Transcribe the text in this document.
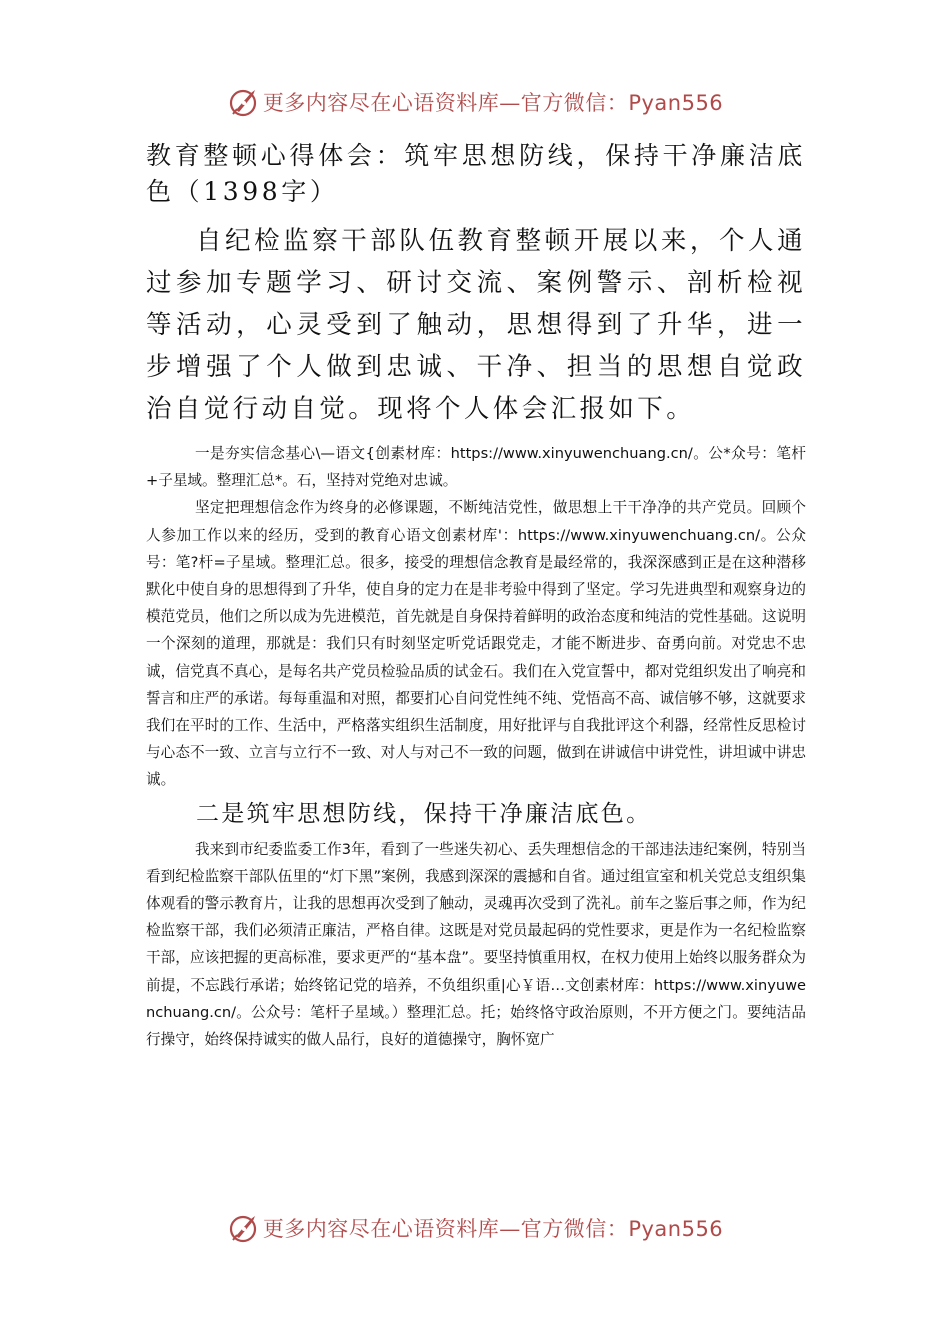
更多内容尽在心语资料库—官方微信：Pyan556

教育整顿心得体会：筑牢思想防线，保持干净廉洁底色（1398字）

自纪检监察干部队伍教育整顿开展以来，个人通过参加专题学习、研讨交流、案例警示、剖析检视等活动，心灵受到了触动，思想得到了升华，进一步增强了个人做到忠诚、干净、担当的思想自觉政治自觉行动自觉。现将个人体会汇报如下。

一是夯实信念基心\—语文{创素材库：https://www.xinyuwenchuang.cn/。公*众号：笔杆+子星域。整理汇总*。石，坚持对党绝对忠诚。

坚定把理想信念作为终身的必修课题，不断纯洁党性，做思想上干干净净的共产党员。回顾个人参加工作以来的经历，受到的教育心语文创素材库'：https://www.xinyuwenchuang.cn/。公众号：笔?杆=子星域。整理汇总。很多，接受的理想信念教育是最经常的，我深深感到正是在这种潜移默化中使自身的思想得到了升华，使自身的定力在是非考验中得到了坚定。学习先进典型和观察身边的模范党员，他们之所以成为先进模范，首先就是自身保持着鲜明的政治态度和纯洁的党性基础。这说明一个深刻的道理，那就是：我们只有时刻坚定听党话跟党走，才能不断进步、奋勇向前。对党忠不忠诚，信党真不真心，是每名共产党员检验品质的试金石。我们在入党宣誓中，都对党组织发出了响亮和誓言和庄严的承诺。每每重温和对照，都要扪心自问党性纯不纯、党悟高不高、诚信够不够，这就要求我们在平时的工作、生活中，严格落实组织生活制度，用好批评与自我批评这个利器，经常性反思检讨与心态不一致、立言与立行不一致、对人与对己不一致的问题，做到在讲诚信中讲党性，讲坦诚中讲忠诚。

二是筑牢思想防线，保持干净廉洁底色。

我来到市纪委监委工作3年，看到了一些迷失初心、丢失理想信念的干部违法违纪案例，特别当看到纪检监察干部队伍里的“灯下黑”案例，我感到深深的震撼和自省。通过组宣室和机关党总支组织集体观看的警示教育片，让我的思想再次受到了触动，灵魂再次受到了洗礼。前车之鉴后事之师，作为纪检监察干部，我们必须清正廉洁，严格自律。这既是对党员最起码的党性要求，更是作为一名纪检监察干部，应该把握的更高标准，要求更严的“基本盘”。要坚持慎重用权，在权力使用上始终以服务群众为前提，不忘践行承诺；始终铭记党的培养，不负组织重|心￥语…文创素材库：https://www.xinyuwenchuang.cn/。公众号：笔杆子星域。）整理汇总。托；始终恪守政治原则，不开方便之门。要纯洁品行操守，始终保持诚实的做人品行，良好的道德操守，胸怀宽广

更多内容尽在心语资料库—官方微信：Pyan556
